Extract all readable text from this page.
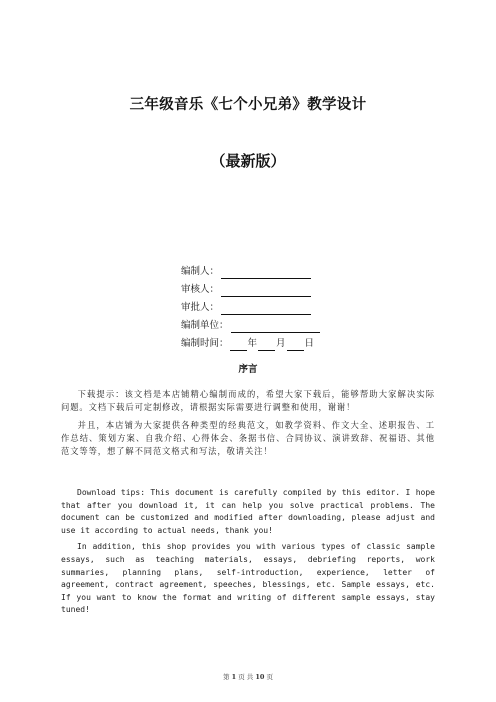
三年级音乐《七个小兄弟》教学设计
（最新版）
编制人：
审核人：
审批人：
编制单位：
编制时间： 年 月 日
序言

下载提示：该文档是本店铺精心编制而成的，希望大家下载后，能够帮助大家解决实际问题。文档下载后可定制修改，请根据实际需要进行调整和使用，谢谢！

并且，本店铺为大家提供各种类型的经典范文，如教学资料、作文大全、述职报告、工作总结、策划方案、自我介绍、心得体会、条据书信、合同协议、演讲致辞、祝福语、其他范文等等，想了解不同范文格式和写法，敬请关注！

Download tips: This document is carefully compiled by this editor. I hope that after you download it, it can help you solve practical problems. The document can be customized and modified after downloading, please adjust and use it according to actual needs, thank you!

In addition, this shop provides you with various types of classic sample essays, such as teaching materials, essays, debriefing reports, work summaries, planning plans, self-introduction, experience, letter of agreement, contract agreement, speeches, blessings, etc. Sample essays, etc. If you want to know the format and writing of different sample essays, stay tuned!

第 1 页 共 10 页
